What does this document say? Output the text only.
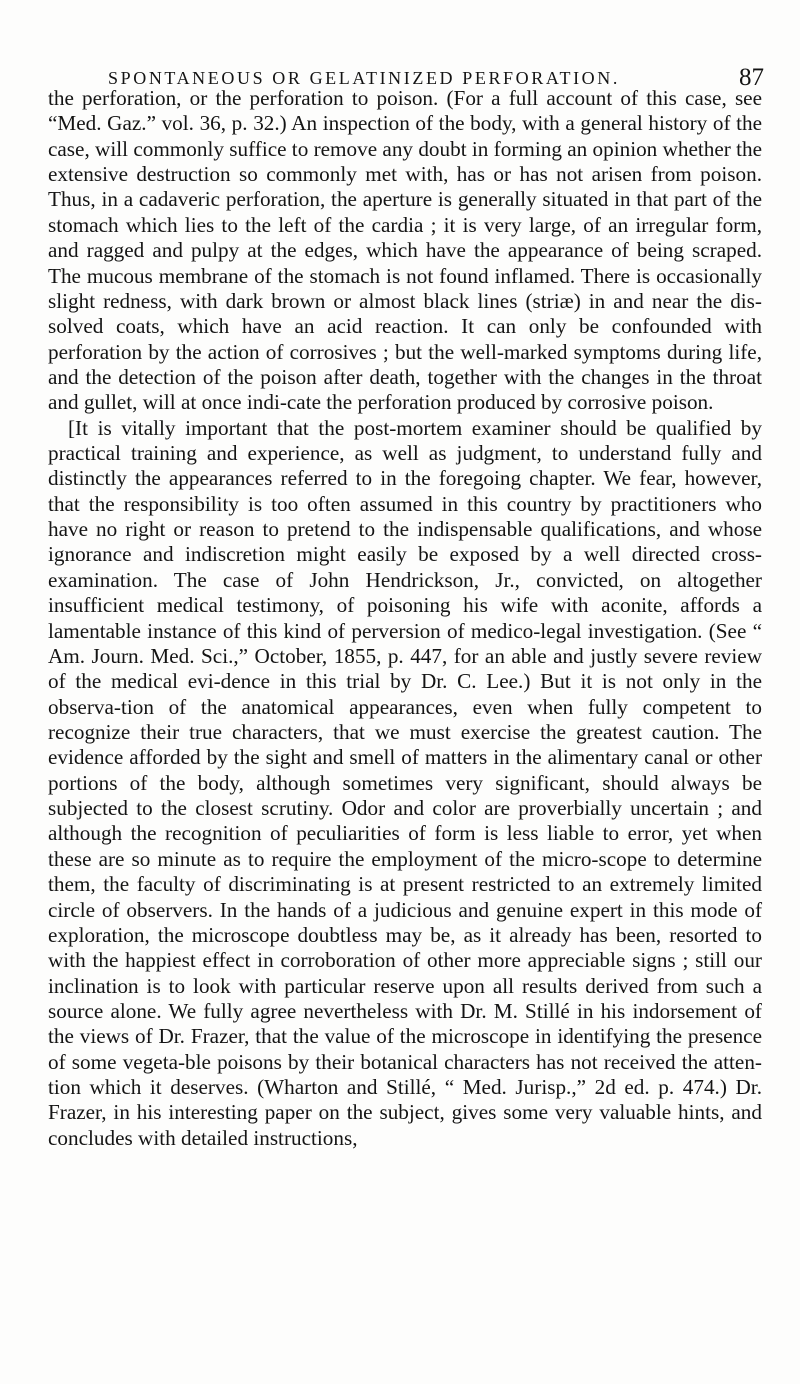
SPONTANEOUS OR GELATINIZED PERFORATION.	87

the perforation, or the perforation to poison. (For a full account of this case, see “Med. Gaz.” vol. 36, p. 32.) An inspection of the body, with a general history of the case, will commonly suffice to remove any doubt in forming an opinion whether the extensive destruction so commonly met with, has or has not arisen from poison. Thus, in a cadaveric perforation, the aperture is generally situated in that part of the stomach which lies to the left of the cardia ; it is very large, of an irregular form, and ragged and pulpy at the edges, which have the appearance of being scraped. The mucous membrane of the stomach is not found inflamed. There is occasionally slight redness, with dark brown or almost black lines (striæ) in and near the dis-solved coats, which have an acid reaction. It can only be confounded with perforation by the action of corrosives ; but the well-marked symptoms during life, and the detection of the poison after death, together with the changes in the throat and gullet, will at once indi-cate the perforation produced by corrosive poison.

[It is vitally important that the post-mortem examiner should be qualified by practical training and experience, as well as judgment, to understand fully and distinctly the appearances referred to in the foregoing chapter. We fear, however, that the responsibility is too often assumed in this country by practitioners who have no right or reason to pretend to the indispensable qualifications, and whose ignorance and indiscretion might easily be exposed by a well directed cross-examination. The case of John Hendrickson, Jr., convicted, on altogether insufficient medical testimony, of poisoning his wife with aconite, affords a lamentable instance of this kind of perversion of medico-legal investigation. (See “ Am. Journ. Med. Sci.,” October, 1855, p. 447, for an able and justly severe review of the medical evi-dence in this trial by Dr. C. Lee.) But it is not only in the observa-tion of the anatomical appearances, even when fully competent to recognize their true characters, that we must exercise the greatest caution. The evidence afforded by the sight and smell of matters in the alimentary canal or other portions of the body, although sometimes very significant, should always be subjected to the closest scrutiny. Odor and color are proverbially uncertain ; and although the recognition of peculiarities of form is less liable to error, yet when these are so minute as to require the employment of the micro-scope to determine them, the faculty of discriminating is at present restricted to an extremely limited circle of observers. In the hands of a judicious and genuine expert in this mode of exploration, the microscope doubtless may be, as it already has been, resorted to with the happiest effect in corroboration of other more appreciable signs ; still our inclination is to look with particular reserve upon all results derived from such a source alone. We fully agree nevertheless with Dr. M. Stillé in his indorsement of the views of Dr. Frazer, that the value of the microscope in identifying the presence of some vegeta-ble poisons by their botanical characters has not received the atten-tion which it deserves. (Wharton and Stillé, “ Med. Jurisp.,” 2d ed. p. 474.) Dr. Frazer, in his interesting paper on the subject, gives some very valuable hints, and concludes with detailed instructions,
